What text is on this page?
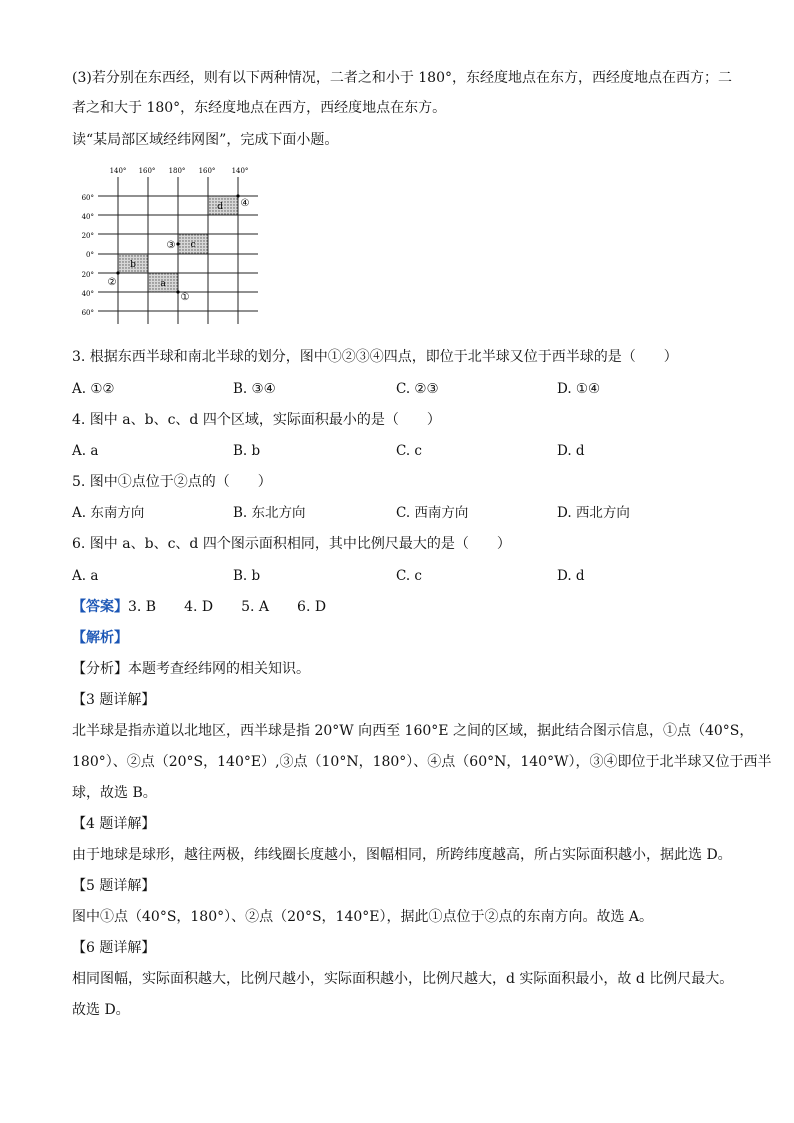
(3)若分别在东西经，则有以下两种情况，二者之和小于 180°，东经度地点在东方，西经度地点在西方；二
者之和大于 180°，东经度地点在西方，西经度地点在东方。
读“某局部区域经纬网图”，完成下面小题。
140° 160° 180° 160° 140°
60°
40°
20°
0°
20°
40°
60°
b
a
c
d
①
②
③
④
3. 根据东西半球和南北半球的划分，图中①②③④四点，即位于北半球又位于西半球的是（　　）
A. ①②	B. ③④	C. ②③	D. ①④
4. 图中 a、b、c、d 四个区域，实际面积最小的是（　　）
A. a	B. b	C. c	D. d
5. 图中①点位于②点的（　　）
A. 东南方向	B. 东北方向	C. 西南方向	D. 西北方向
6. 图中 a、b、c、d 四个图示面积相同，其中比例尺最大的是（　　）
A. a	B. b	C. c	D. d
【答案】3. B　　4. D　　5. A　　6. D
【解析】
【分析】本题考查经纬网的相关知识。
【3 题详解】
北半球是指赤道以北地区，西半球是指 20°W 向西至 160°E 之间的区域，据此结合图示信息，①点（40°S，
180°）、②点（20°S，140°E）,③点（10°N，180°）、④点（60°N，140°W），③④即位于北半球又位于西半
球，故选 B。
【4 题详解】
由于地球是球形，越往两极，纬线圈长度越小，图幅相同，所跨纬度越高，所占实际面积越小，据此选 D。
【5 题详解】
图中①点（40°S，180°）、②点（20°S，140°E），据此①点位于②点的东南方向。故选 A。
【6 题详解】
相同图幅，实际面积越大，比例尺越小，实际面积越小，比例尺越大，d 实际面积最小，故 d 比例尺最大。
故选 D。
